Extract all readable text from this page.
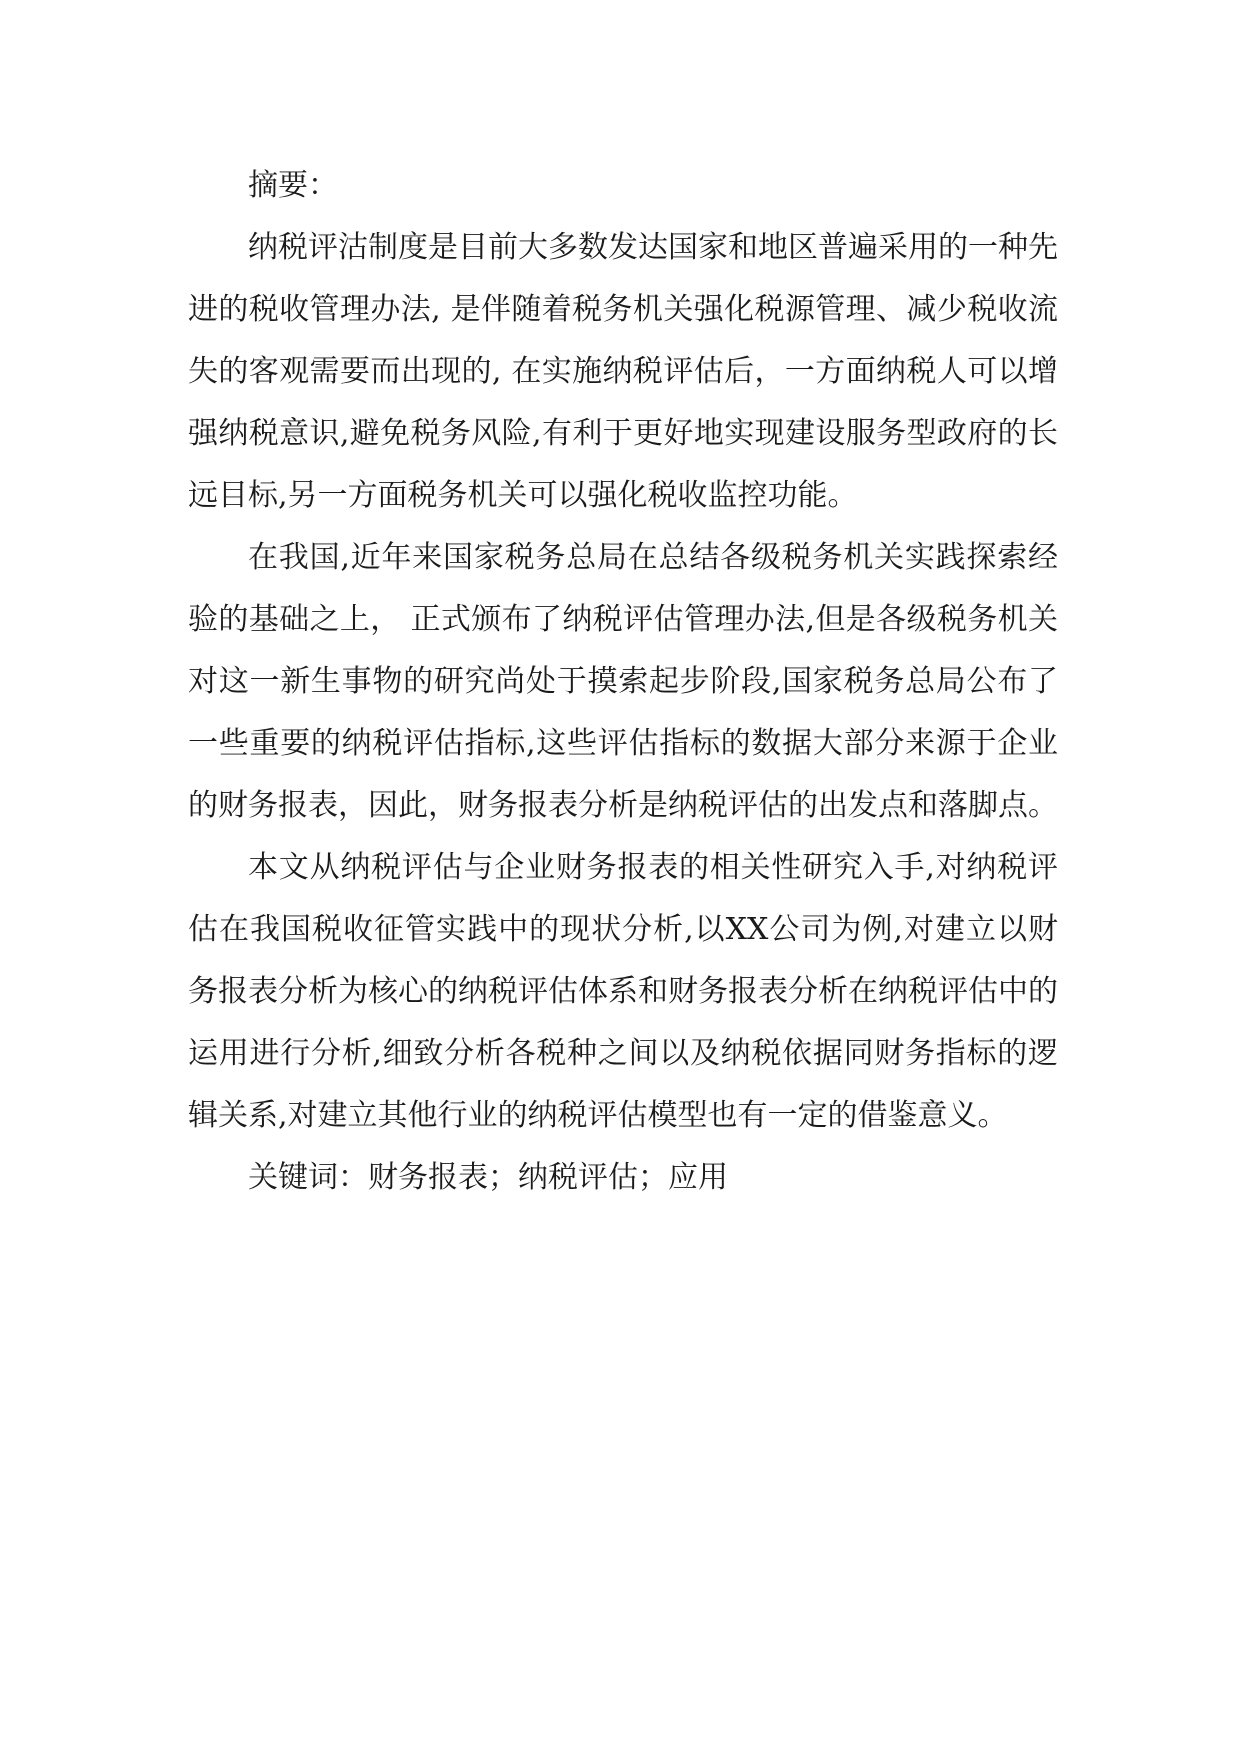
摘要：

纳税评沽制度是目前大多数发达国家和地区普遍采用的一种先进的税收管理办法, 是伴随着税务机关强化税源管理、减少税收流失的客观需要而出现的, 在实施纳税评估后，一方面纳税人可以增强纳税意识,避免税务风险,有利于更好地实现建设服务型政府的长远目标,另一方面税务机关可以强化税收监控功能。

在我国,近年来国家税务总局在总结各级税务机关实践探索经验的基础之上， 正式颁布了纳税评估管理办法,但是各级税务机关对这一新生事物的研究尚处于摸索起步阶段,国家税务总局公布了一些重要的纳税评估指标,这些评估指标的数据大部分来源于企业的财务报表，因此，财务报表分析是纳税评估的出发点和落脚点。

本文从纳税评估与企业财务报表的相关性研究入手,对纳税评估在我国税收征管实践中的现状分析,以XX公司为例,对建立以财务报表分析为核心的纳税评估体系和财务报表分析在纳税评估中的运用进行分析,细致分析各税种之间以及纳税依据同财务指标的逻辑关系,对建立其他行业的纳税评估模型也有一定的借鉴意义。

关键词：财务报表；纳税评估；应用
